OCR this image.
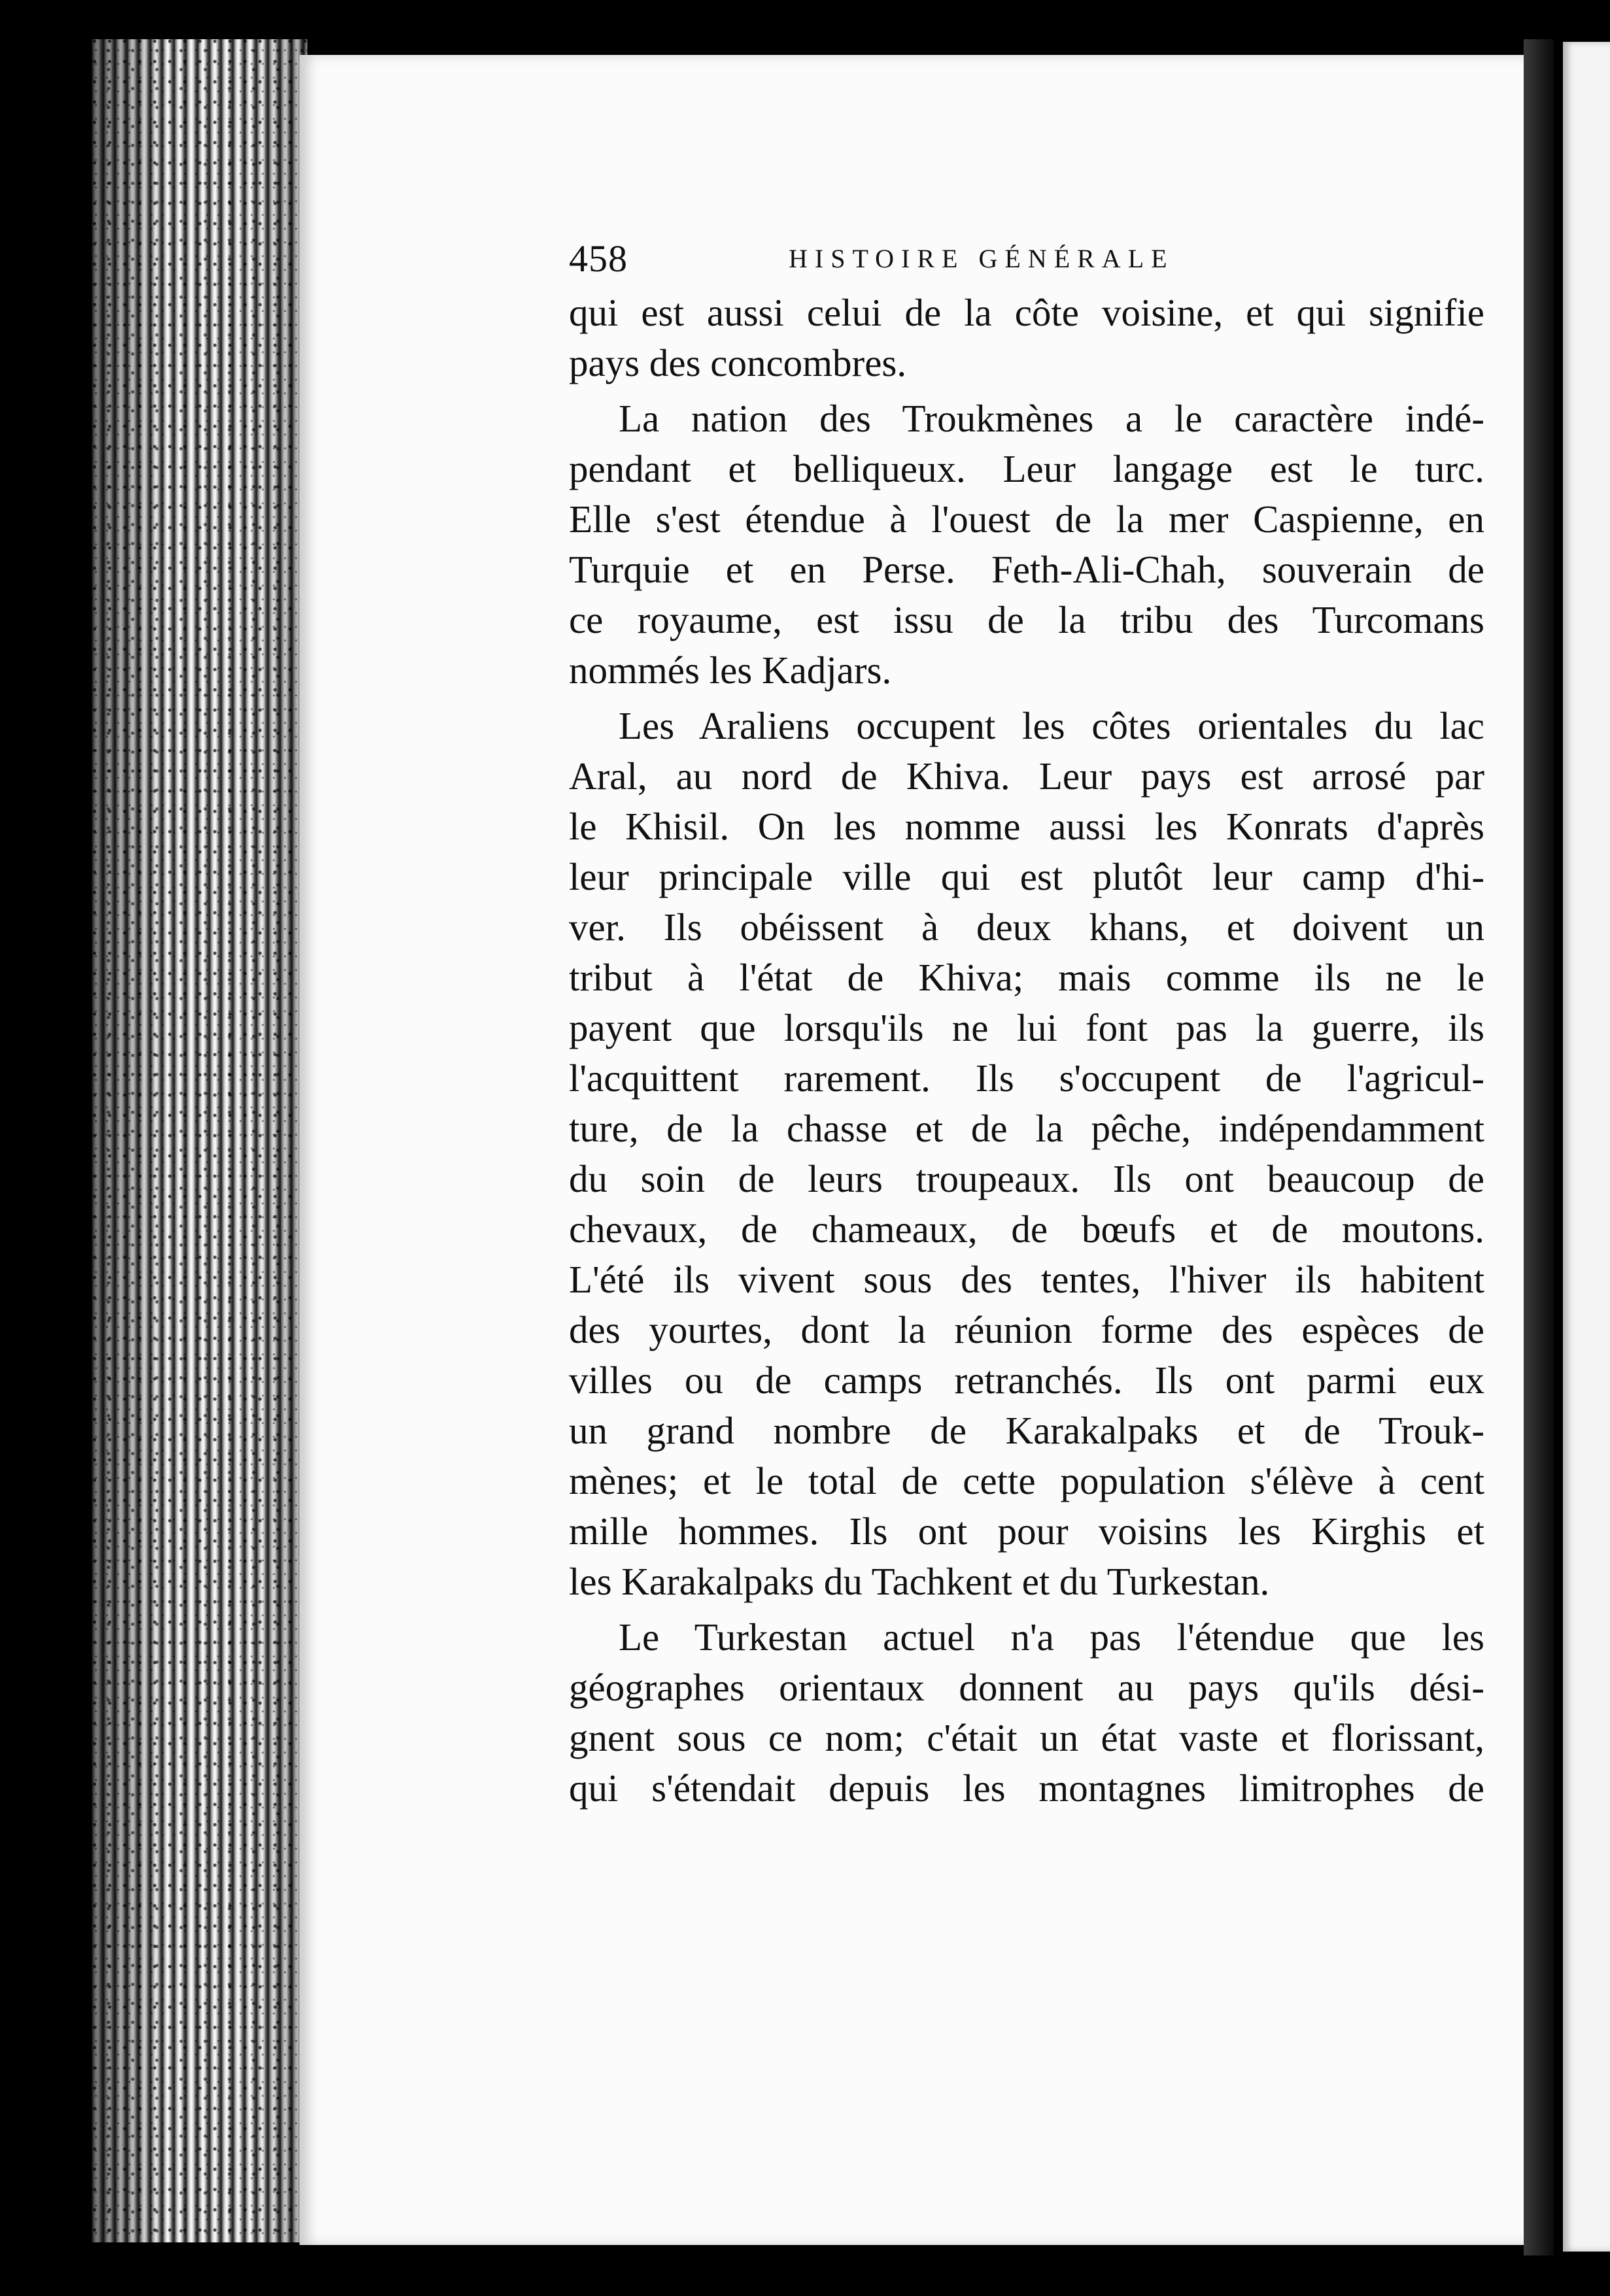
458	HISTOIRE GÉNÉRALE
qui est aussi celui de la côte voisine, et qui signifie
pays des concombres.
La nation des Troukmènes a le caractère indé-
pendant et belliqueux. Leur langage est le turc.
Elle s'est étendue à l'ouest de la mer Caspienne, en
Turquie et en Perse. Feth-Ali-Chah, souverain de
ce royaume, est issu de la tribu des Turcomans
nommés les Kadjars.
Les Araliens occupent les côtes orientales du lac
Aral, au nord de Khiva. Leur pays est arrosé par
le Khisil. On les nomme aussi les Konrats d'après
leur principale ville qui est plutôt leur camp d'hi-
ver. Ils obéissent à deux khans, et doivent un
tribut à l'état de Khiva; mais comme ils ne le
payent que lorsqu'ils ne lui font pas la guerre, ils
l'acquittent rarement. Ils s'occupent de l'agricul-
ture, de la chasse et de la pêche, indépendamment
du soin de leurs troupeaux. Ils ont beaucoup de
chevaux, de chameaux, de bœufs et de moutons.
L'été ils vivent sous des tentes, l'hiver ils habitent
des yourtes, dont la réunion forme des espèces de
villes ou de camps retranchés. Ils ont parmi eux
un grand nombre de Karakalpaks et de Trouk-
mènes; et le total de cette population s'élève à cent
mille hommes. Ils ont pour voisins les Kirghis et
les Karakalpaks du Tachkent et du Turkestan.
Le Turkestan actuel n'a pas l'étendue que les
géographes orientaux donnent au pays qu'ils dési-
gnent sous ce nom; c'était un état vaste et florissant,
qui s'étendait depuis les montagnes limitrophes de
